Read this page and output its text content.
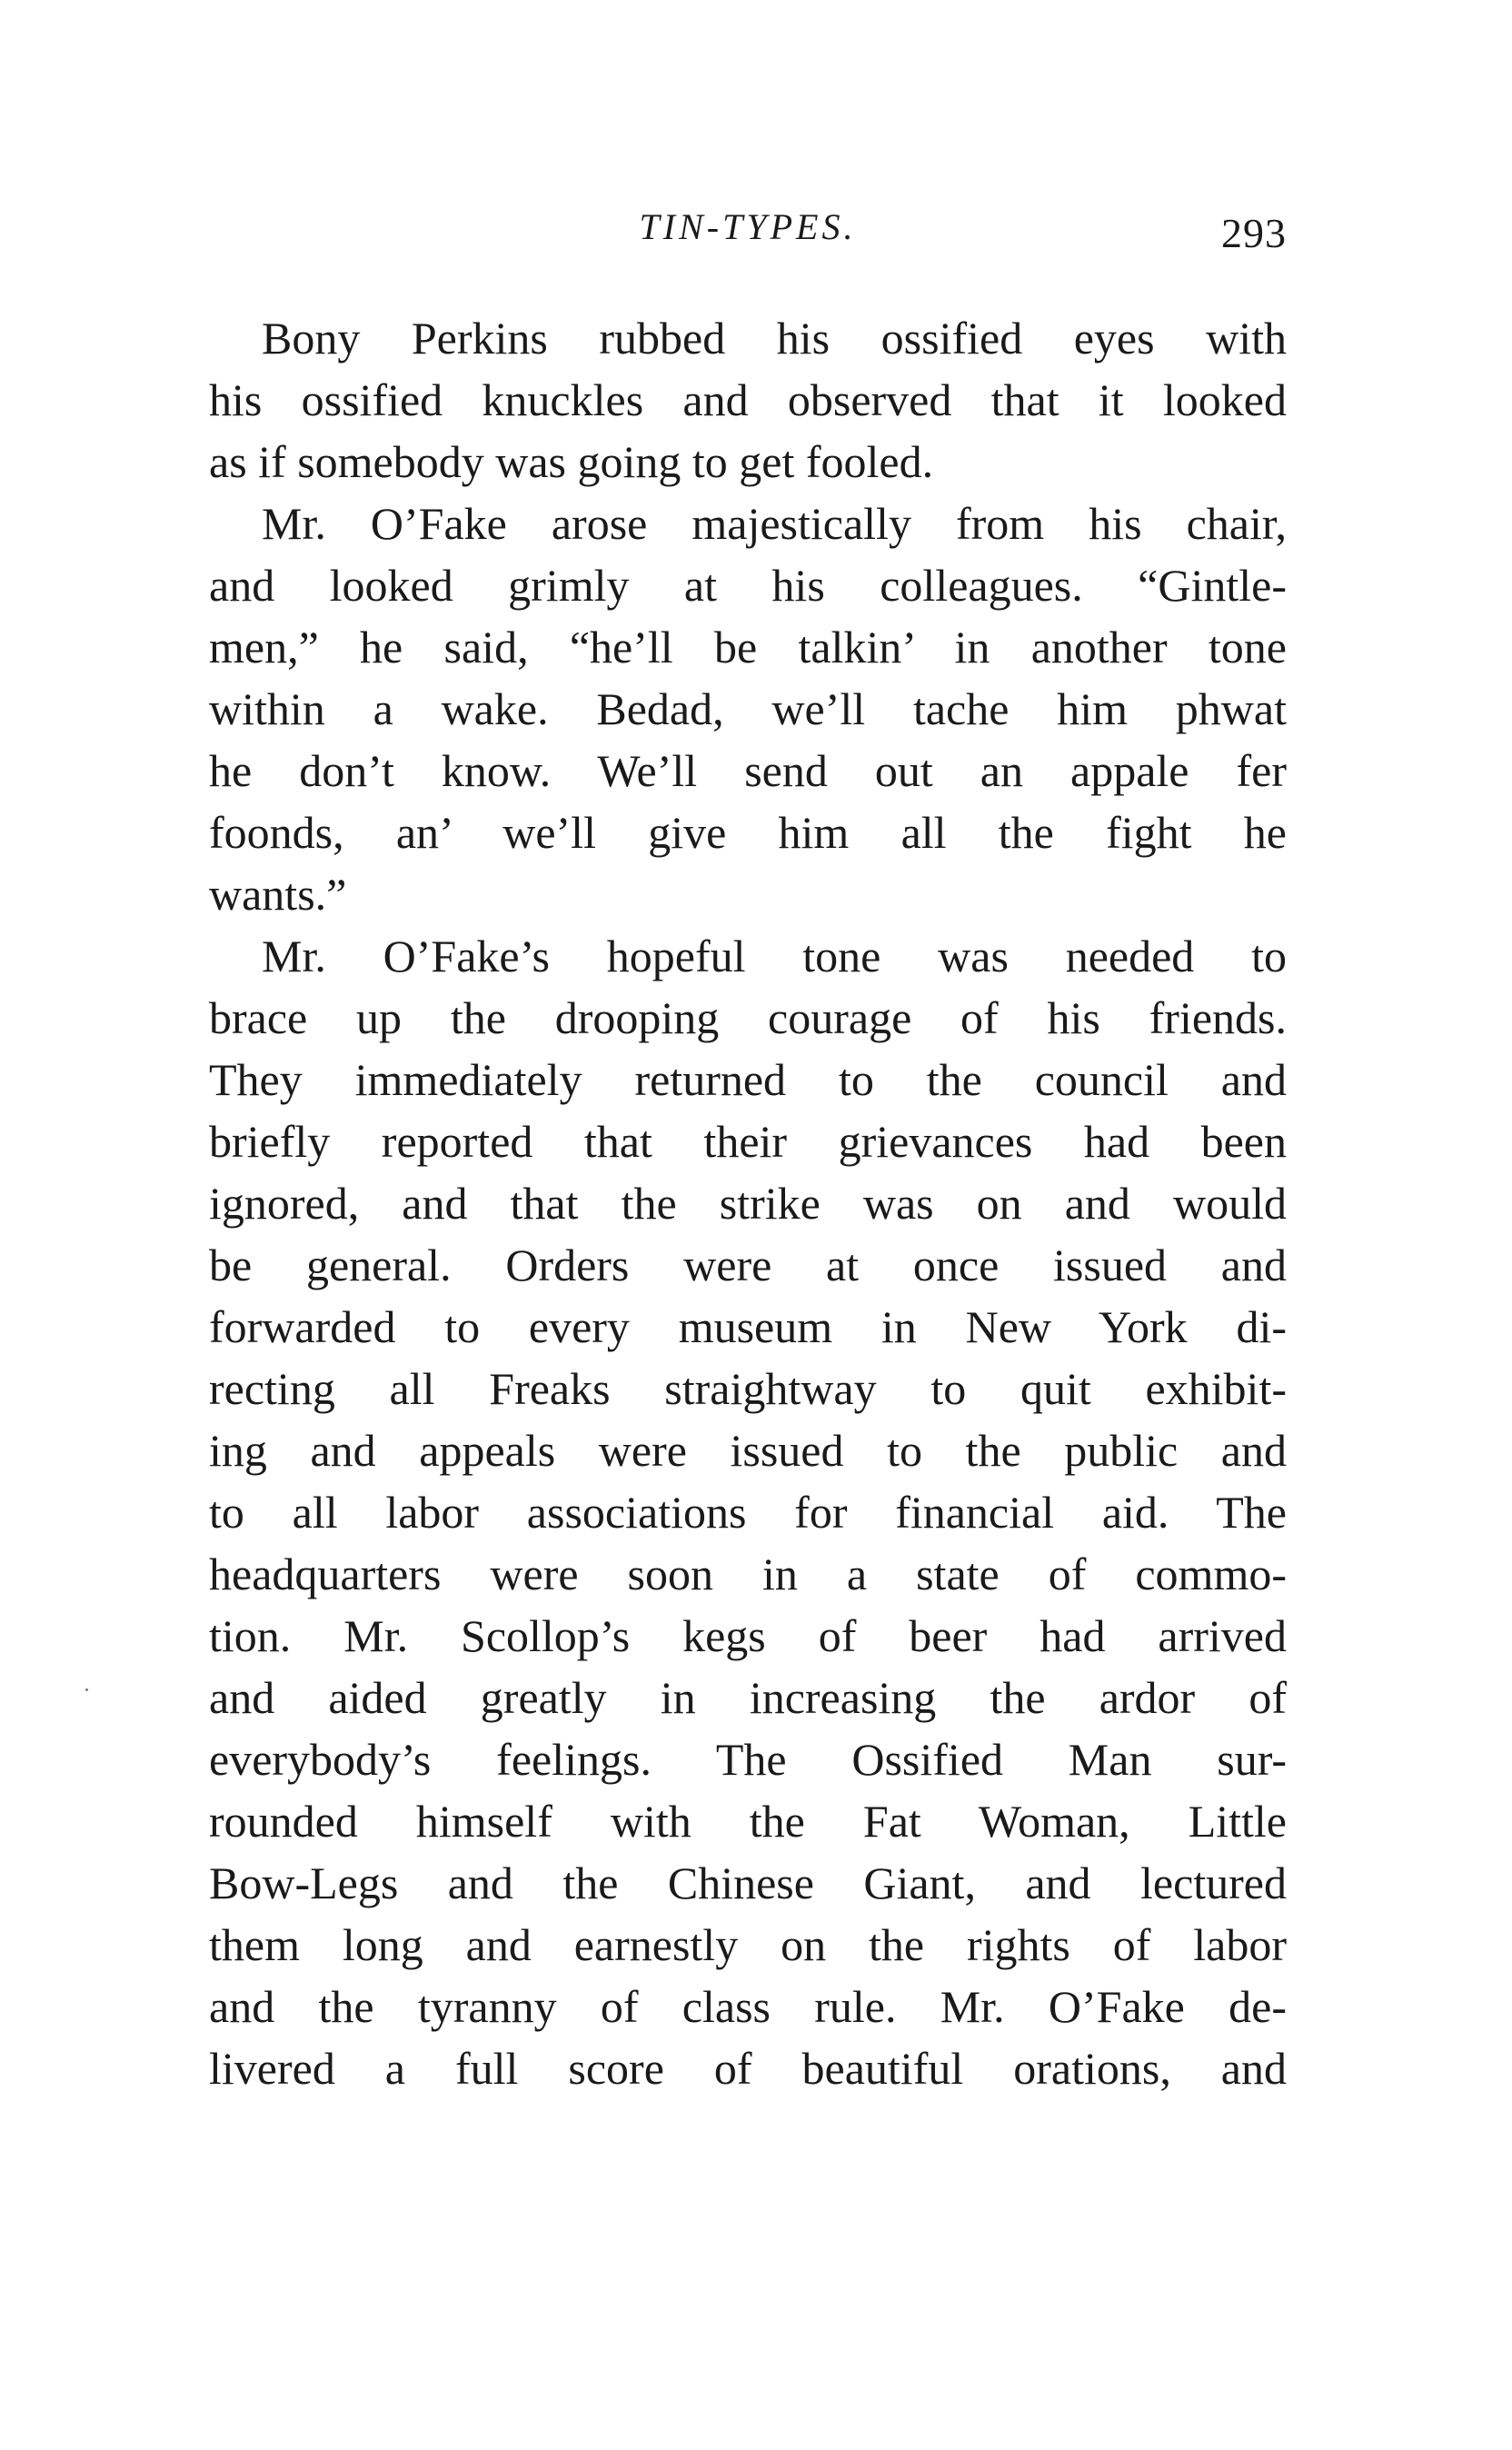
TIN-TYPES.	293
Bony Perkins rubbed his ossified eyes with
his ossified knuckles and observed that it looked
as if somebody was going to get fooled.
Mr. O’Fake arose majestically from his chair,
and looked grimly at his colleagues. “Gintle-
men,” he said, “he’ll be talkin’ in another tone
within a wake. Bedad, we’ll tache him phwat
he don’t know. We’ll send out an appale fer
foonds, an’ we’ll give him all the fight he
wants.”
Mr. O’Fake’s hopeful tone was needed to
brace up the drooping courage of his friends.
They immediately returned to the council and
briefly reported that their grievances had been
ignored, and that the strike was on and would
be general. Orders were at once issued and
forwarded to every museum in New York di-
recting all Freaks straightway to quit exhibit-
ing and appeals were issued to the public and
to all labor associations for financial aid. The
headquarters were soon in a state of commo-
tion. Mr. Scollop’s kegs of beer had arrived
and aided greatly in increasing the ardor of
everybody’s feelings. The Ossified Man sur-
rounded himself with the Fat Woman, Little
Bow-Legs and the Chinese Giant, and lectured
them long and earnestly on the rights of labor
and the tyranny of class rule. Mr. O’Fake de-
livered a full score of beautiful orations, and
